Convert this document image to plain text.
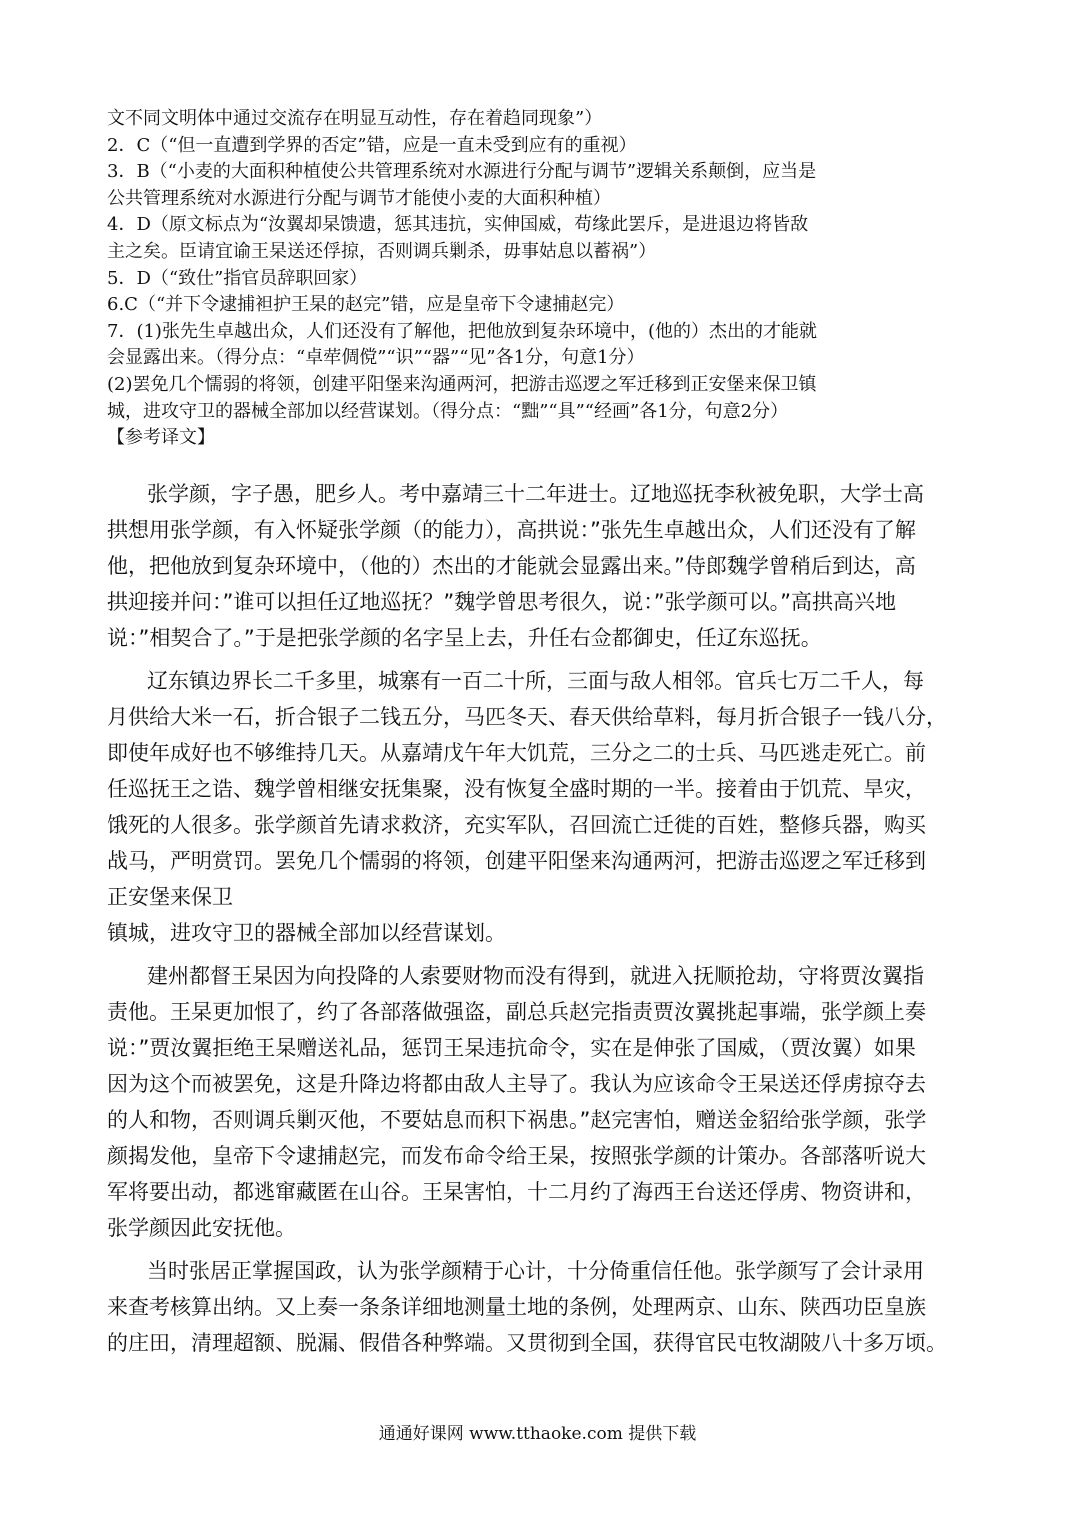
文不同文明体中通过交流存在明显互动性，存在着趋同现象”）
2．C（“但一直遭到学界的否定”错，应是一直未受到应有的重视）
3．B（“小麦的大面积种植使公共管理系统对水源进行分配与调节”逻辑关系颠倒，应当是
公共管理系统对水源进行分配与调节才能使小麦的大面积种植）
4．D（原文标点为“汝翼却杲馈遗，惩其违抗，实伸国威，苟缘此罢斥，是进退边将皆敌
主之矣。臣请宜谕王杲送还俘掠，否则调兵剿杀，毋事姑息以蓄祸”）
5．D（“致仕”指官员辞职回家）
6.C（“并下令逮捕袒护王杲的赵完”错，应是皇帝下令逮捕赵完）
7．(1)张先生卓越出众，人们还没有了解他，把他放到复杂环境中，(他的）杰出的才能就
会显露出来。（得分点：“卓荦倜傥”“识”“器”“见”各1分，句意1分）
(2)罢免几个懦弱的将领，创建平阳堡来沟通两河，把游击巡逻之军迁移到正安堡来保卫镇
城，进攻守卫的器械全部加以经营谋划。（得分点：“黜”“具”“经画”各1分，句意2分）
【参考译文】
张学颜，字子愚，肥乡人。考中嘉靖三十二年进士。辽地巡抚李秋被免职，大学士高
拱想用张学颜，有入怀疑张学颜（的能力），高拱说：”张先生卓越出众，人们还没有了解
他，把他放到复杂环境中，（他的）杰出的才能就会显露出来。”侍郎魏学曾稍后到达，高
拱迎接并问：”谁可以担任辽地巡抚？”魏学曾思考很久，说：”张学颜可以。”高拱高兴地
说：”相契合了。”于是把张学颜的名字呈上去，升任右佥都御史，任辽东巡抚。
辽东镇边界长二千多里，城寨有一百二十所，三面与敌人相邻。官兵七万二千人，每
月供给大米一石，折合银子二钱五分，马匹冬天、春天供给草料，每月折合银子一钱八分，
即使年成好也不够维持几天。从嘉靖戊午年大饥荒，三分之二的士兵、马匹逃走死亡。前
任巡抚王之诰、魏学曾相继安抚集聚，没有恢复全盛时期的一半。接着由于饥荒、旱灾，
饿死的人很多。张学颜首先请求救济，充实军队，召回流亡迁徙的百姓，整修兵器，购买
战马，严明赏罚。罢免几个懦弱的将领，创建平阳堡来沟通两河，把游击巡逻之军迁移到
正安堡来保卫
镇城，进攻守卫的器械全部加以经营谋划。
建州都督王杲因为向投降的人索要财物而没有得到，就进入抚顺抢劫，守将贾汝翼指
责他。王杲更加恨了，约了各部落做强盗，副总兵赵完指责贾汝翼挑起事端，张学颜上奏
说：”贾汝翼拒绝王杲赠送礼品，惩罚王杲违抗命令，实在是伸张了国威，（贾汝翼）如果
因为这个而被罢免，这是升降边将都由敌人主导了。我认为应该命令王杲送还俘虏掠夺去
的人和物，否则调兵剿灭他，不要姑息而积下祸患。”赵完害怕，赠送金貂给张学颜，张学
颜揭发他，皇帝下令逮捕赵完，而发布命令给王杲，按照张学颜的计策办。各部落听说大
军将要出动，都逃窜藏匿在山谷。王杲害怕，十二月约了海西王台送还俘虏、物资讲和，
张学颜因此安抚他。
当时张居正掌握国政，认为张学颜精于心计，十分倚重信任他。张学颜写了会计录用
来查考核算出纳。又上奏一条条详细地测量土地的条例，处理两京、山东、陕西功臣皇族
的庄田，清理超额、脱漏、假借各种弊端。又贯彻到全国，获得官民屯牧湖陂八十多万顷。
通通好课网 www.tthaoke.com 提供下载
